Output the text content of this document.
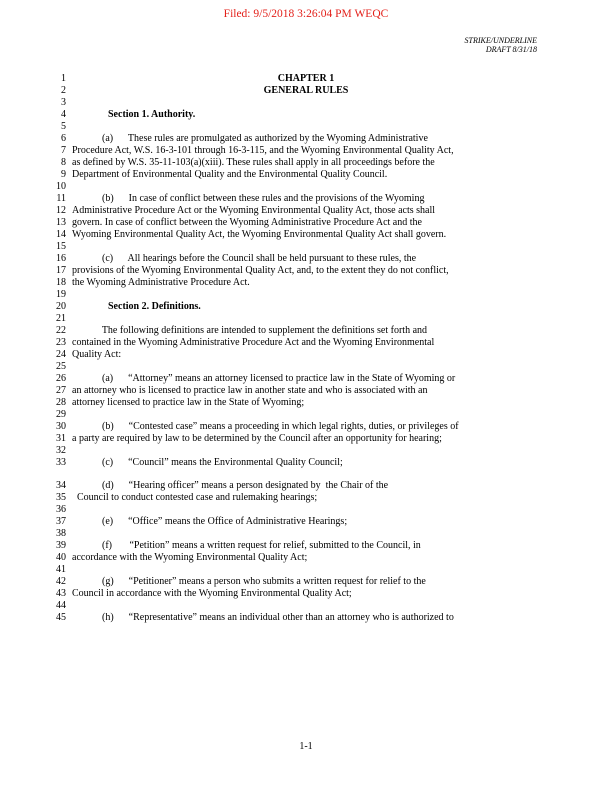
Filed: 9/5/2018 3:26:04 PM WEQC
STRIKE/UNDERLINE
DRAFT 8/31/18
1
2
3
4
5
6
7
8
9
10
11
12
13
14
15
16
17
18
19
20
21
22
23
24
25
26
27
28
29
30
31
32
33
34
35
36
37
38
39
40
41
42
43
44
45
CHAPTER 1
GENERAL RULES
Section 1. Authority.
(a)      These rules are promulgated as authorized by the Wyoming Administrative
Procedure Act, W.S. 16-3-101 through 16-3-115, and the Wyoming Environmental Quality Act,
as defined by W.S. 35-11-103(a)(xiii). These rules shall apply in all proceedings before the
Department of Environmental Quality and the Environmental Quality Council.
(b)      In case of conflict between these rules and the provisions of the Wyoming
Administrative Procedure Act or the Wyoming Environmental Quality Act, those acts shall
govern. In case of conflict between the Wyoming Administrative Procedure Act and the
Wyoming Environmental Quality Act, the Wyoming Environmental Quality Act shall govern.
(c)      All hearings before the Council shall be held pursuant to these rules, the
provisions of the Wyoming Environmental Quality Act, and, to the extent they do not conflict,
the Wyoming Administrative Procedure Act.
Section 2. Definitions.
The following definitions are intended to supplement the definitions set forth and
contained in the Wyoming Administrative Procedure Act and the Wyoming Environmental
Quality Act:
(a)      “Attorney” means an attorney licensed to practice law in the State of Wyoming or
an attorney who is licensed to practice law in another state and who is associated with an
attorney licensed to practice law in the State of Wyoming;
(b)      “Contested case” means a proceeding in which legal rights, duties, or privileges of
a party are required by law to be determined by the Council after an opportunity for hearing;
(c)      “Council” means the Environmental Quality Council;
(d)      “Hearing officer” means a person designated by  the Chair of the
Council to conduct contested case and rulemaking hearings;
(e)      “Office” means the Office of Administrative Hearings;
(f)       “Petition” means a written request for relief, submitted to the Council, in
accordance with the Wyoming Environmental Quality Act;
(g)      “Petitioner” means a person who submits a written request for relief to the
Council in accordance with the Wyoming Environmental Quality Act;
(h)      “Representative” means an individual other than an attorney who is authorized to
1-1
